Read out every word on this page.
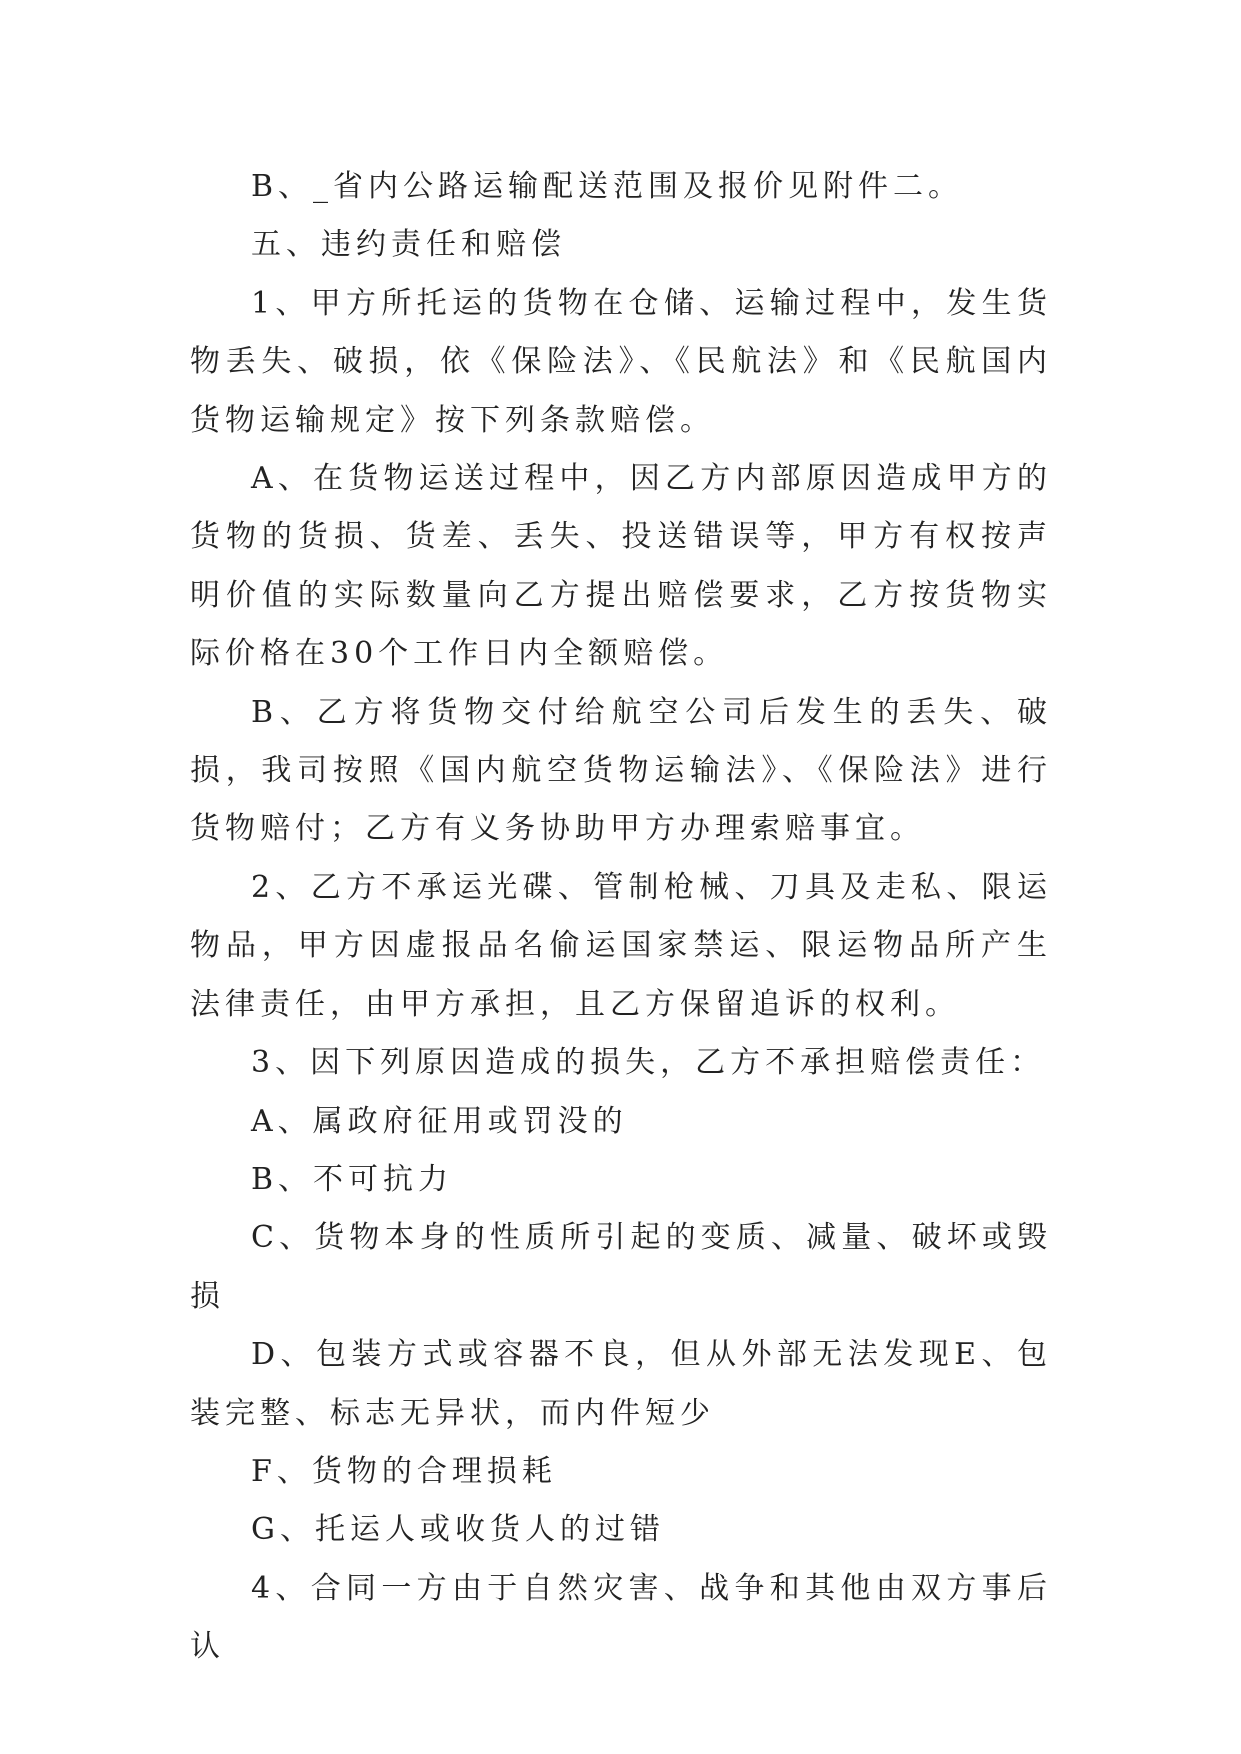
B、_省内公路运输配送范围及报价见附件二。

五、违约责任和赔偿

1、甲方所托运的货物在仓储、运输过程中，发生货物丢失、破损，依《保险法》、《民航法》和《民航国内货物运输规定》按下列条款赔偿。

A、在货物运送过程中，因乙方内部原因造成甲方的货物的货损、货差、丢失、投送错误等，甲方有权按声明价值的实际数量向乙方提出赔偿要求，乙方按货物实际价格在30个工作日内全额赔偿。

B、乙方将货物交付给航空公司后发生的丢失、破损，我司按照《国内航空货物运输法》、《保险法》进行货物赔付；乙方有义务协助甲方办理索赔事宜。

2、乙方不承运光碟、管制枪械、刀具及走私、限运物品，甲方因虚报品名偷运国家禁运、限运物品所产生法律责任，由甲方承担，且乙方保留追诉的权利。

3、因下列原因造成的损失，乙方不承担赔偿责任：

A、属政府征用或罚没的

B、不可抗力

C、货物本身的性质所引起的变质、减量、破坏或毁损

D、包装方式或容器不良，但从外部无法发现E、包装完整、标志无异状，而内件短少

F、货物的合理损耗

G、托运人或收货人的过错

4、合同一方由于自然灾害、战争和其他由双方事后认
